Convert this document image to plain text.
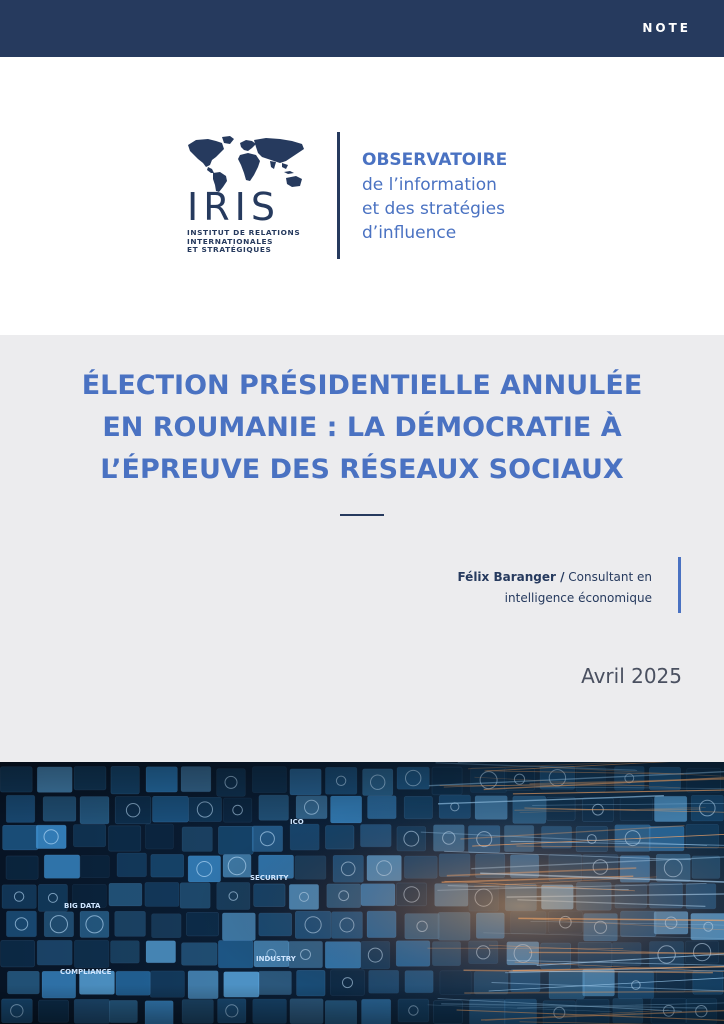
NOTE
IRIS
INSTITUT DE RELATIONS
INTERNATIONALES
ET STRATÉGIQUES
OBSERVATOIRE
de l’information
et des stratégies
d’influence
ÉLECTION PRÉSIDENTIELLE ANNULÉE
EN ROUMANIE : LA DÉMOCRATIE À
L’ÉPREUVE DES RÉSEAUX SOCIAUX
Félix Baranger / Consultant en
intelligence économique
Avril 2025
BIG DATA
SECURITY
INDUSTRY
COMPLIANCE
ICO
